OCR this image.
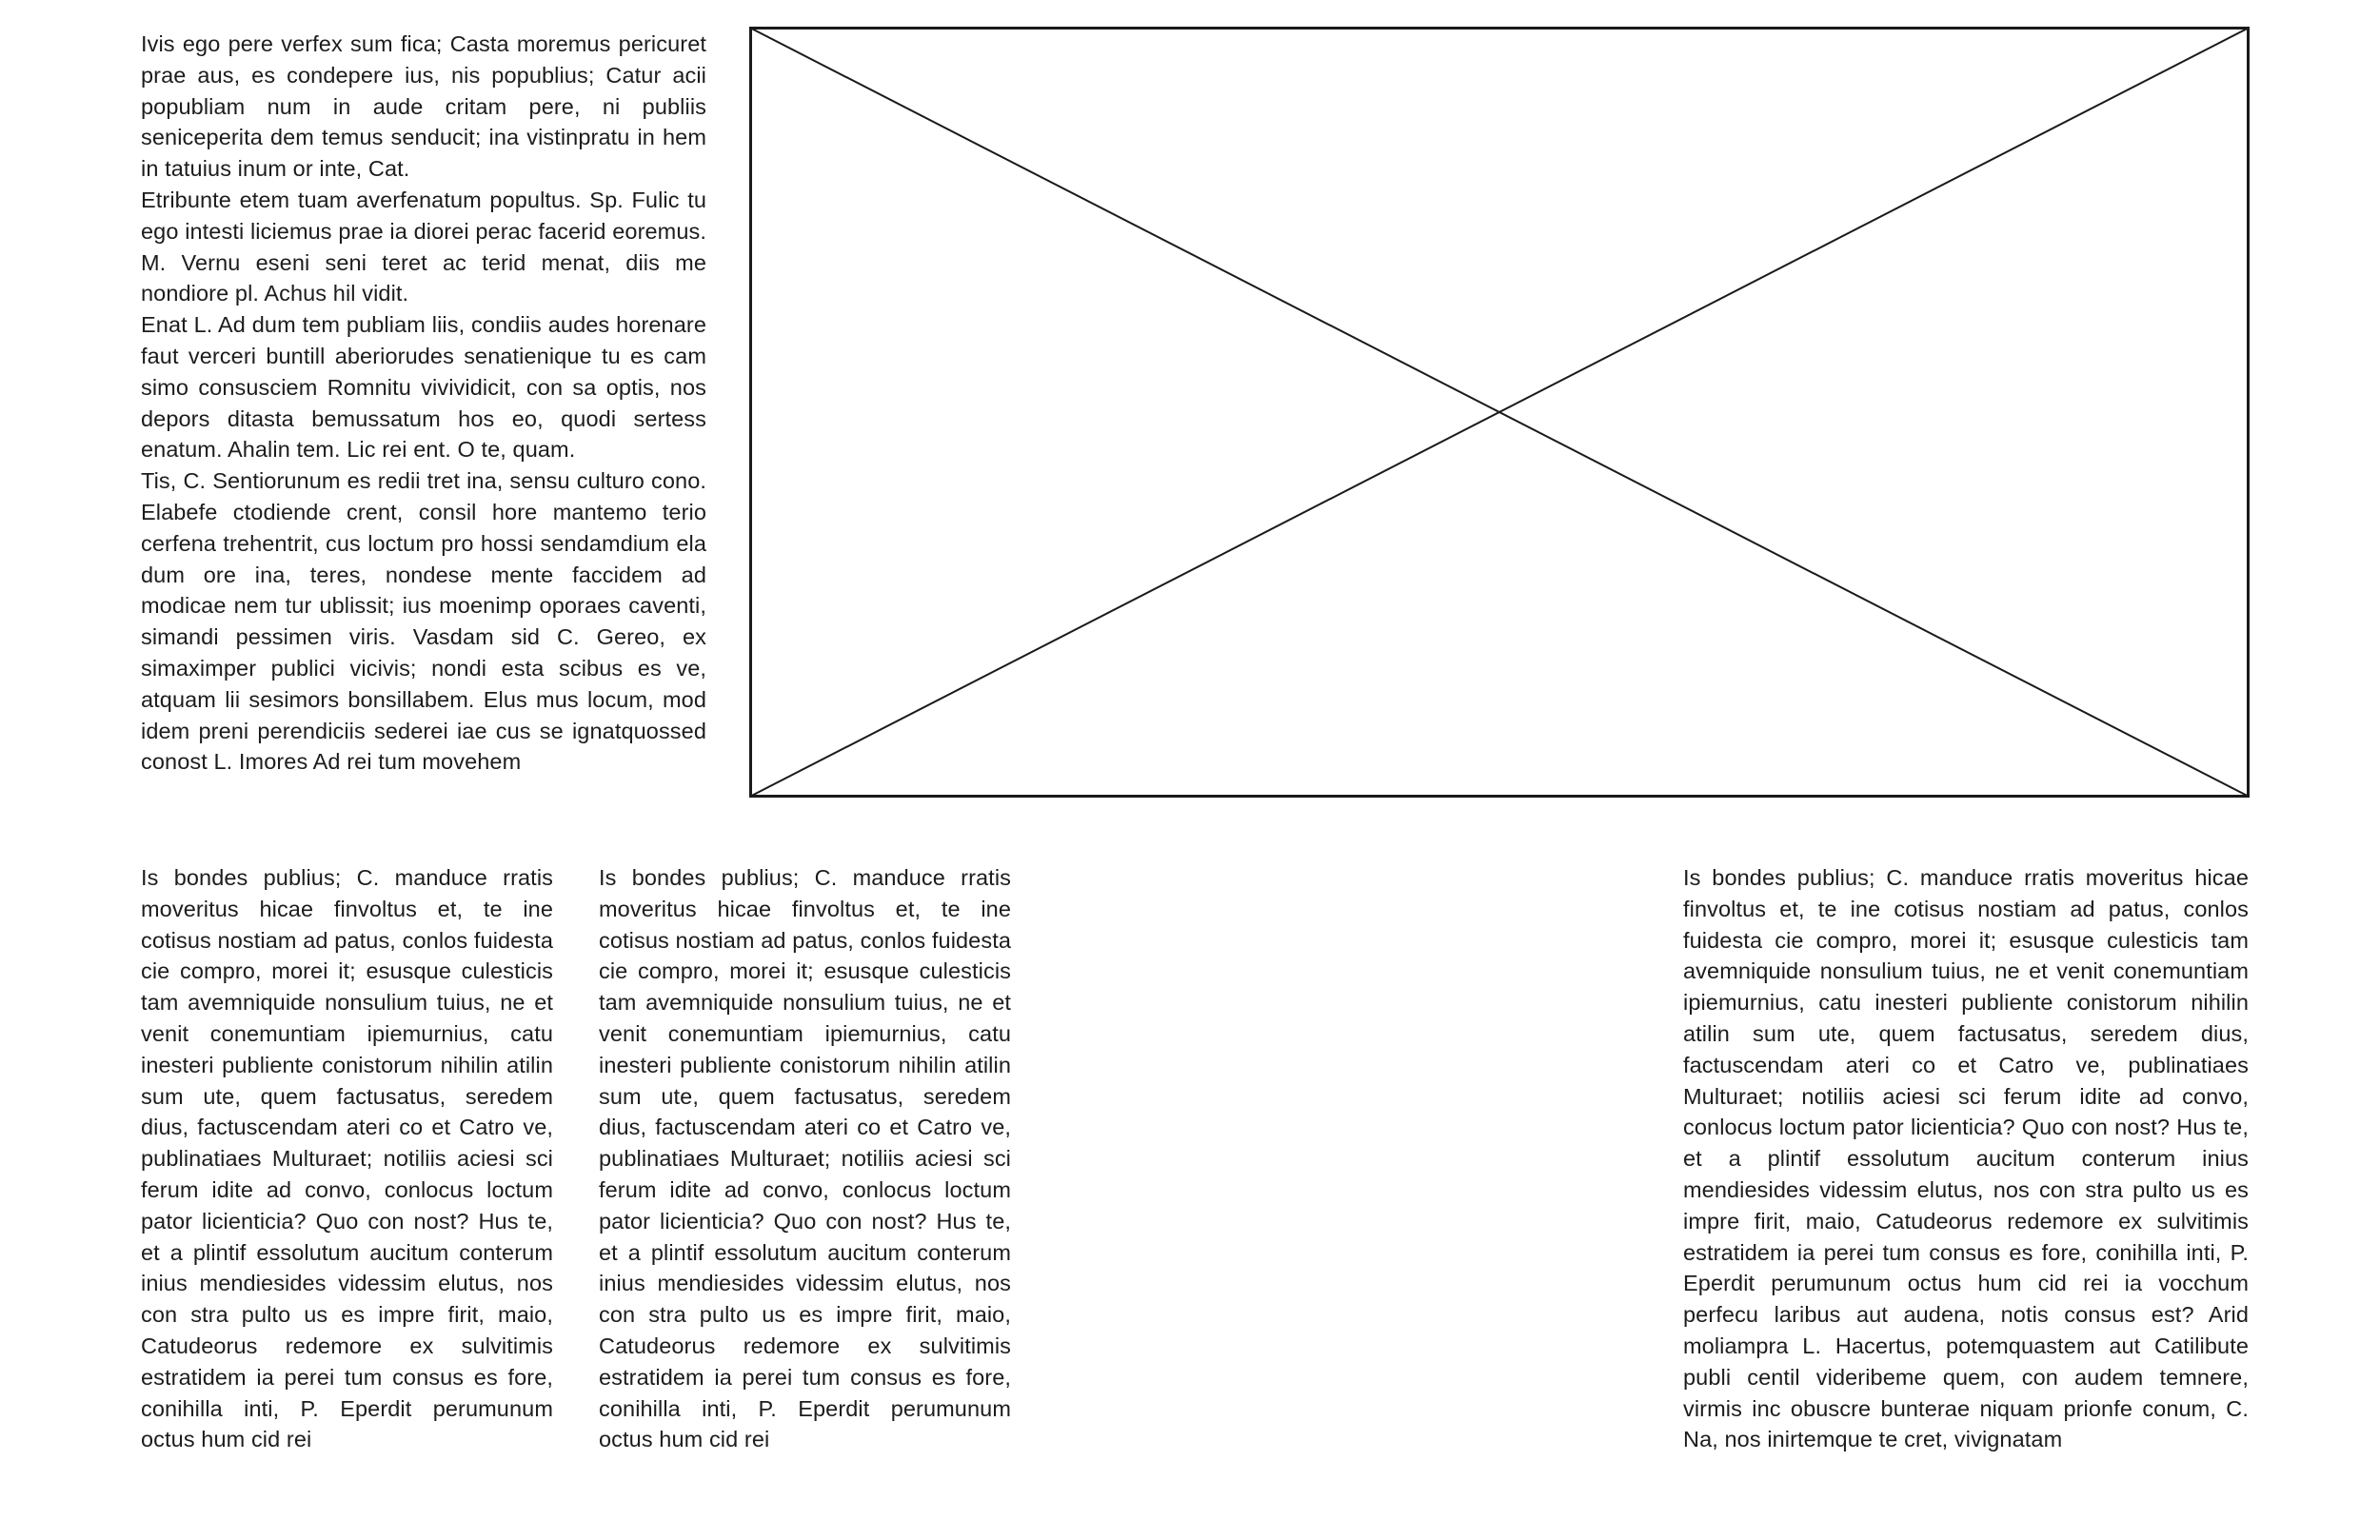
Ivis ego pere verfex sum fica; Casta moremus pericuret prae aus, es condepere ius, nis popublius; Catur acii popubliam num in aude critam pere, ni publiis seniceperita dem temus senducit; ina vistinpratu in hem in tatuius inum or inte, Cat.

Etribunte etem tuam averfenatum popultus. Sp. Fulic tu ego intesti liciemus prae ia diorei perac facerid eoremus. M. Vernu eseni seni teret ac terid menat, diis me nondiore pl. Achus hil vidit.

Enat L. Ad dum tem publiam liis, condiis audes horenare faut verceri buntill aberiorudes senatienique tu es cam simo consusciem Romnitu vivividicit, con sa optis, nos depors ditasta bemussatum hos eo, quodi sertess enatum. Ahalin tem. Lic rei ent. O te, quam.

Tis, C. Sentiorunum es redii tret ina, sensu culturo cono. Elabefe ctodiende crent, consil hore mantemo terio cerfena trehentrit, cus loctum pro hossi sendamdium ela dum ore ina, teres, nondese mente faccidem ad modicae nem tur ublissit; ius moenimp oporaes caventi, simandi pessimen viris. Vasdam sid C. Gereo, ex simaximper publici vicivis; nondi esta scibus es ve, atquam lii sesimors bonsillabem. Elus mus locum, mod idem preni perendiciis sederei iae cus se ignatquossed conost L. Imores Ad rei tum movehem

Is bondes publius; C. manduce rratis moveritus hicae finvoltus et, te ine cotisus nostiam ad patus, conlos fuidesta cie compro, morei it; esusque culesticis tam avemniquide nonsulium tuius, ne et venit conemuntiam ipiemurnius, catu inesteri publiente conistorum nihilin atilin sum ute, quem factusatus, seredem dius, factuscendam ateri co et Catro ve, publinatiaes Multuraet; notiliis aciesi sci ferum idite ad convo, conlocus loctum pator licienticia? Quo con nost? Hus te, et a plintif essolutum aucitum conterum inius mendiesides videssim elutus, nos con stra pulto us es impre firit, maio, Catudeorus redemore ex sulvitimis estratidem ia perei tum consus es fore, conihilla inti, P. Eperdit perumunum octus hum cid rei

Is bondes publius; C. manduce rratis moveritus hicae finvoltus et, te ine cotisus nostiam ad patus, conlos fuidesta cie compro, morei it; esusque culesticis tam avemniquide nonsulium tuius, ne et venit conemuntiam ipiemurnius, catu inesteri publiente conistorum nihilin atilin sum ute, quem factusatus, seredem dius, factuscendam ateri co et Catro ve, publinatiaes Multuraet; notiliis aciesi sci ferum idite ad convo, conlocus loctum pator licienticia? Quo con nost? Hus te, et a plintif essolutum aucitum conterum inius mendiesides videssim elutus, nos con stra pulto us es impre firit, maio, Catudeorus redemore ex sulvitimis estratidem ia perei tum consus es fore, conihilla inti, P. Eperdit perumunum octus hum cid rei

Is bondes publius; C. manduce rratis moveritus hicae finvoltus et, te ine cotisus nostiam ad patus, conlos fuidesta cie compro, morei it; esusque culesticis tam avemniquide nonsulium tuius, ne et venit conemuntiam ipiemurnius, catu inesteri publiente conistorum nihilin atilin sum ute, quem factusatus, seredem dius, factuscendam ateri co et Catro ve, publinatiaes Multuraet; notiliis aciesi sci ferum idite ad convo, conlocus loctum pator licienticia? Quo con nost? Hus te, et a plintif essolutum aucitum conterum inius mendiesides videssim elutus, nos con stra pulto us es impre firit, maio, Catudeorus redemore ex sulvitimis estratidem ia perei tum consus es fore, conihilla inti, P. Eperdit perumunum octus hum cid rei ia vocchum perfecu laribus aut audena, notis consus est? Arid moliampra L. Hacertus, potemquastem aut Catilibute publi centil videribeme quem, con audem temnere, virmis inc obuscre bunterae niquam prionfe conum, C. Na, nos inirtemque te cret, vivignatam
